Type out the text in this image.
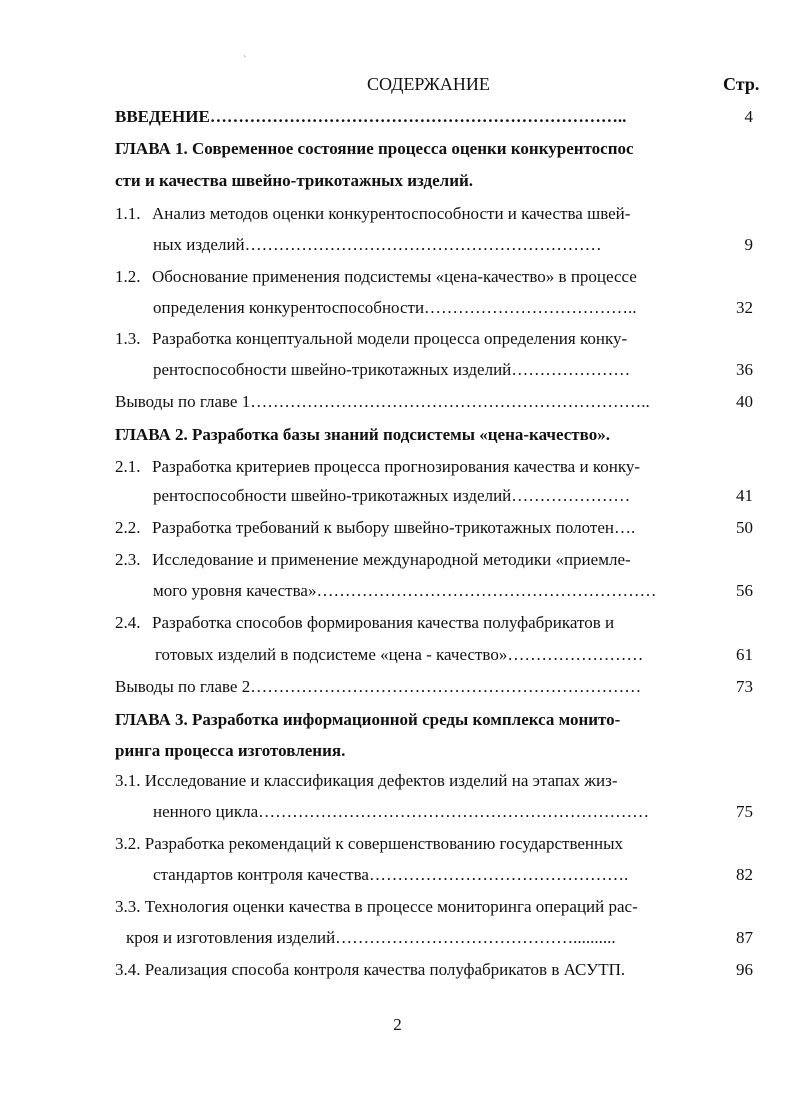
`
СОДЕРЖАНИЕ	Стр.
ВВЕДЕНИЕ………………………………………………………………..	4
ГЛАВА 1. Современное состояние процесса оценки конкурентоспос
сти и качества швейно-трикотажных изделий.
1.1. Анализ методов оценки конкурентоспособности и качества швей-
ных изделий………………………………………………………	9
1.2. Обоснование применения подсистемы «цена-качество» в процессе
определения конкурентоспособности………………………………..	32
1.3. Разработка концептуальной модели процесса определения конку-
рентоспособности швейно-трикотажных изделий…………………	36
Выводы по главе 1……………………………………………………………..	40
ГЛАВА 2. Разработка базы знаний подсистемы «цена-качество».
2.1. Разработка критериев процесса прогнозирования качества и конку-
рентоспособности швейно-трикотажных изделий…………………	41
2.2. Разработка требований к выбору швейно-трикотажных полотен….	50
2.3. Исследование и применение международной методики «приемле-
мого уровня качества»……………………………………………………	56
2.4. Разработка способов формирования качества полуфабрикатов и
готовых изделий в подсистеме «цена - качество»……………………	61
Выводы по главе 2……………………………………………………………	73
ГЛАВА 3. Разработка информационной среды комплекса монито-
ринга процесса изготовления.
3.1. Исследование и классификация дефектов изделий на этапах жиз-
ненного цикла……………………………………………………………	75
3.2. Разработка рекомендаций к совершенствованию государственных
стандартов контроля качества……………………………………….	82
3.3. Технология оценки качества в процессе мониторинга операций рас-
кроя и изготовления изделий……………………………………..........	87
3.4. Реализация способа контроля качества полуфабрикатов в АСУТП.	96
2
